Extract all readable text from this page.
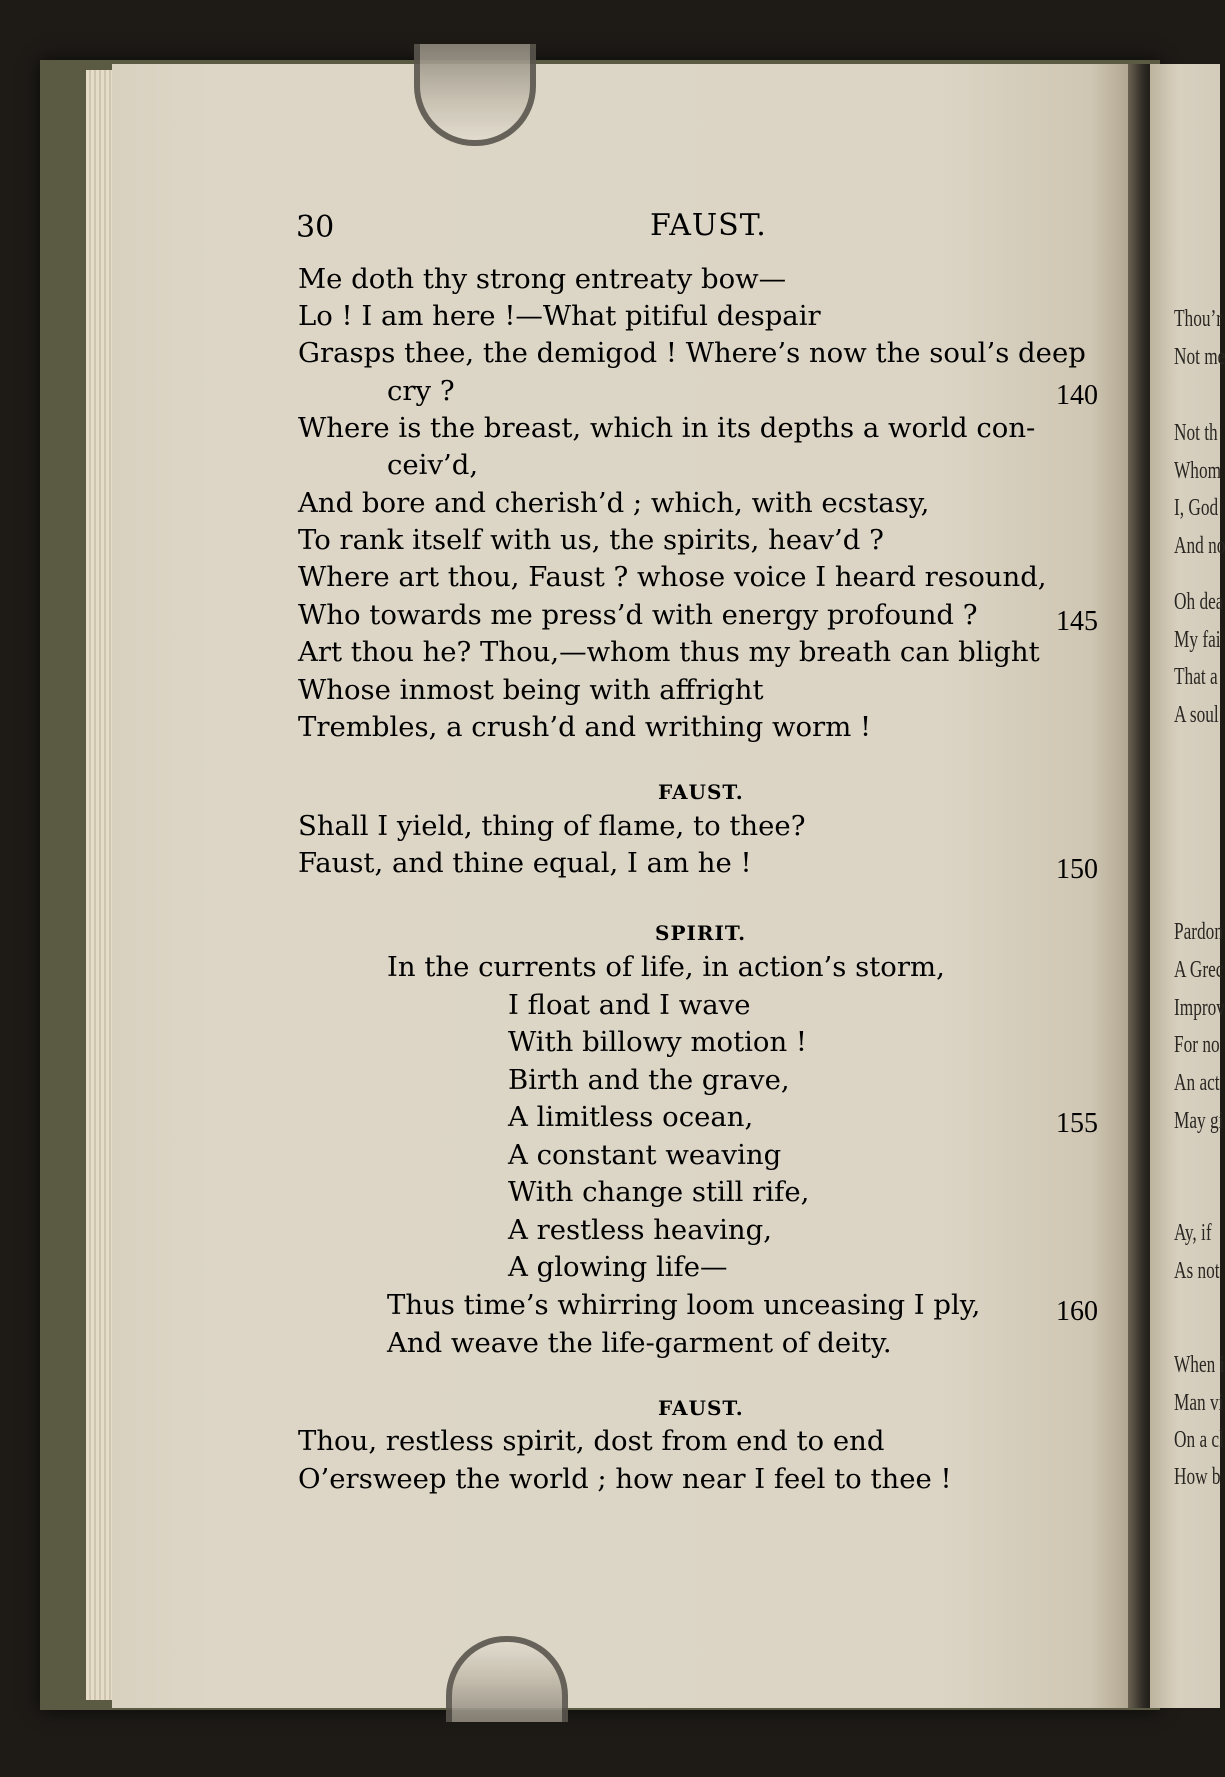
Thou’r
Not me
Not th
Whom
I, God
And no
Oh dea
My fai
That a
A soul
Pardon
A Grec
Improv
For no
An act
May gi
Ay, if
As not
When i
Man vi
On a cl
How b
30	FAUST.
Me doth thy strong entreaty bow—
Lo ! I am here !—What pitiful despair
Grasps thee, the demigod ! Where’s now the soul’s deep
cry ?
Where is the breast, which in its depths a world con-
ceiv’d,
And bore and cherish’d ; which, with ecstasy,
To rank itself with us, the spirits, heav’d ?
Where art thou, Faust ? whose voice I heard resound,
Who towards me press’d with energy profound ?
Art thou he? Thou,—whom thus my breath can blight
Whose inmost being with affright
Trembles, a crush’d and writhing worm !
Shall I yield, thing of flame, to thee?
Faust, and thine equal, I am he !
In the currents of life, in action’s storm,
I float and I wave
With billowy motion !
Birth and the grave,
A limitless ocean,
A constant weaving
With change still rife,
A restless heaving,
A glowing life—
Thus time’s whirring loom unceasing I ply,
And weave the life-garment of deity.
Thou, restless spirit, dost from end to end
O’ersweep the world ; how near I feel to thee !
FAUST.
SPIRIT.
FAUST.
140
145
150
155
160
